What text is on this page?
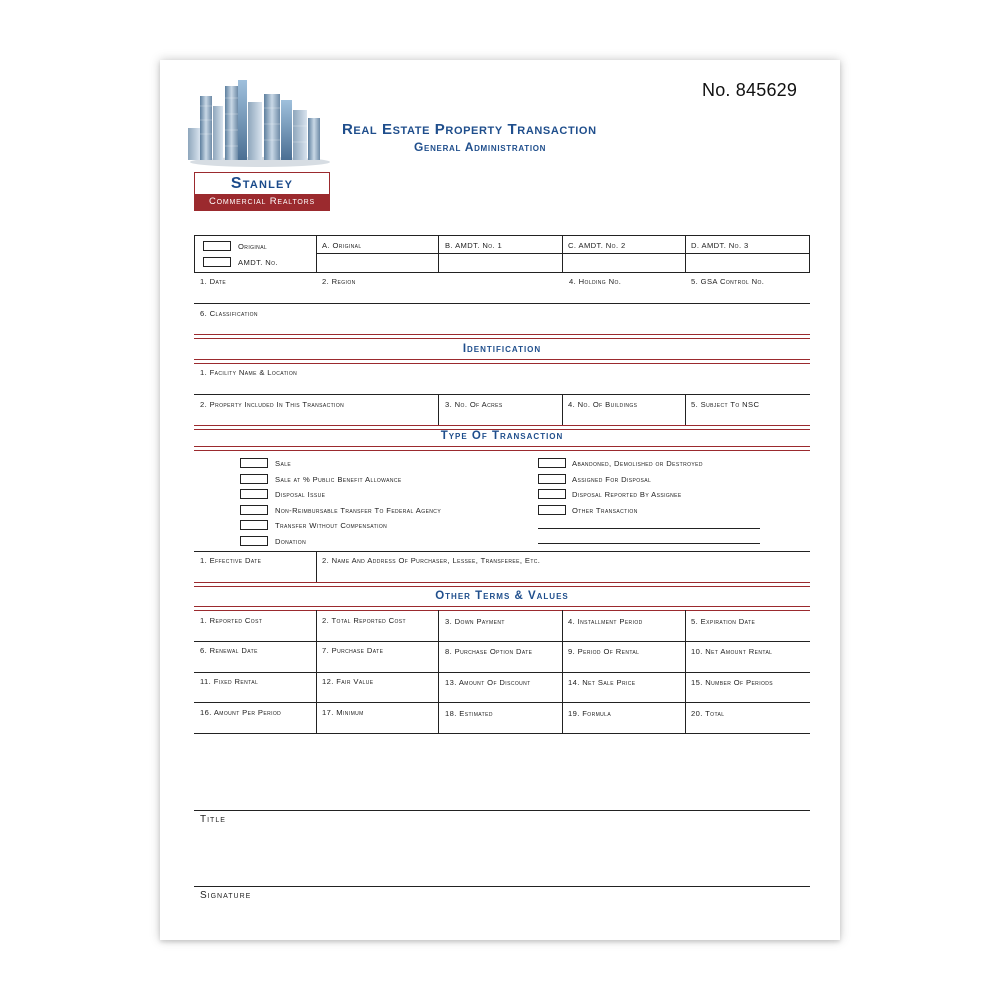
No. 845629
Stanley
Commercial Realtors
Real Estate Property Transaction
General Administration
Original
AMDT. No.
A. Original	B. AMDT. No. 1	C. AMDT. No. 2	D. AMDT. No. 3
1. Date	2. Region	4. Holding No.	5. GSA Control No.
6. Classification
Identification
1. Facility Name & Location
2. Property Included In This Transaction	3. No. Of Acres	4. No. Of Buildings	5. Subject To NSC
Type Of Transaction
Sale
Sale at % Public Benefit Allowance
Disposal Issue
Non-Reimbursable Transfer To Federal Agency
Transfer Without Compensation
Donation
Abandoned, Demolished or Destroyed
Assigned For Disposal
Disposal Reported By Assignee
Other Transaction
1. Effective Date	2. Name And Address Of Purchaser, Lessee, Transferee, Etc.
Other Terms & Values
1. Reported Cost	2. Total Reported Cost	3. Down Payment	4. Installment Period	5. Expiration Date
6. Renewal Date	7. Purchase Date	8. Purchase Option Date	9. Period Of Rental	10. Net Amount Rental
11. Fixed Rental	12. Fair Value	13. Amount Of Discount	14. Net Sale Price	15. Number Of Periods
16. Amount Per Period	17. Minimum	18. Estimated	19. Formula	20. Total
Title
Signature
